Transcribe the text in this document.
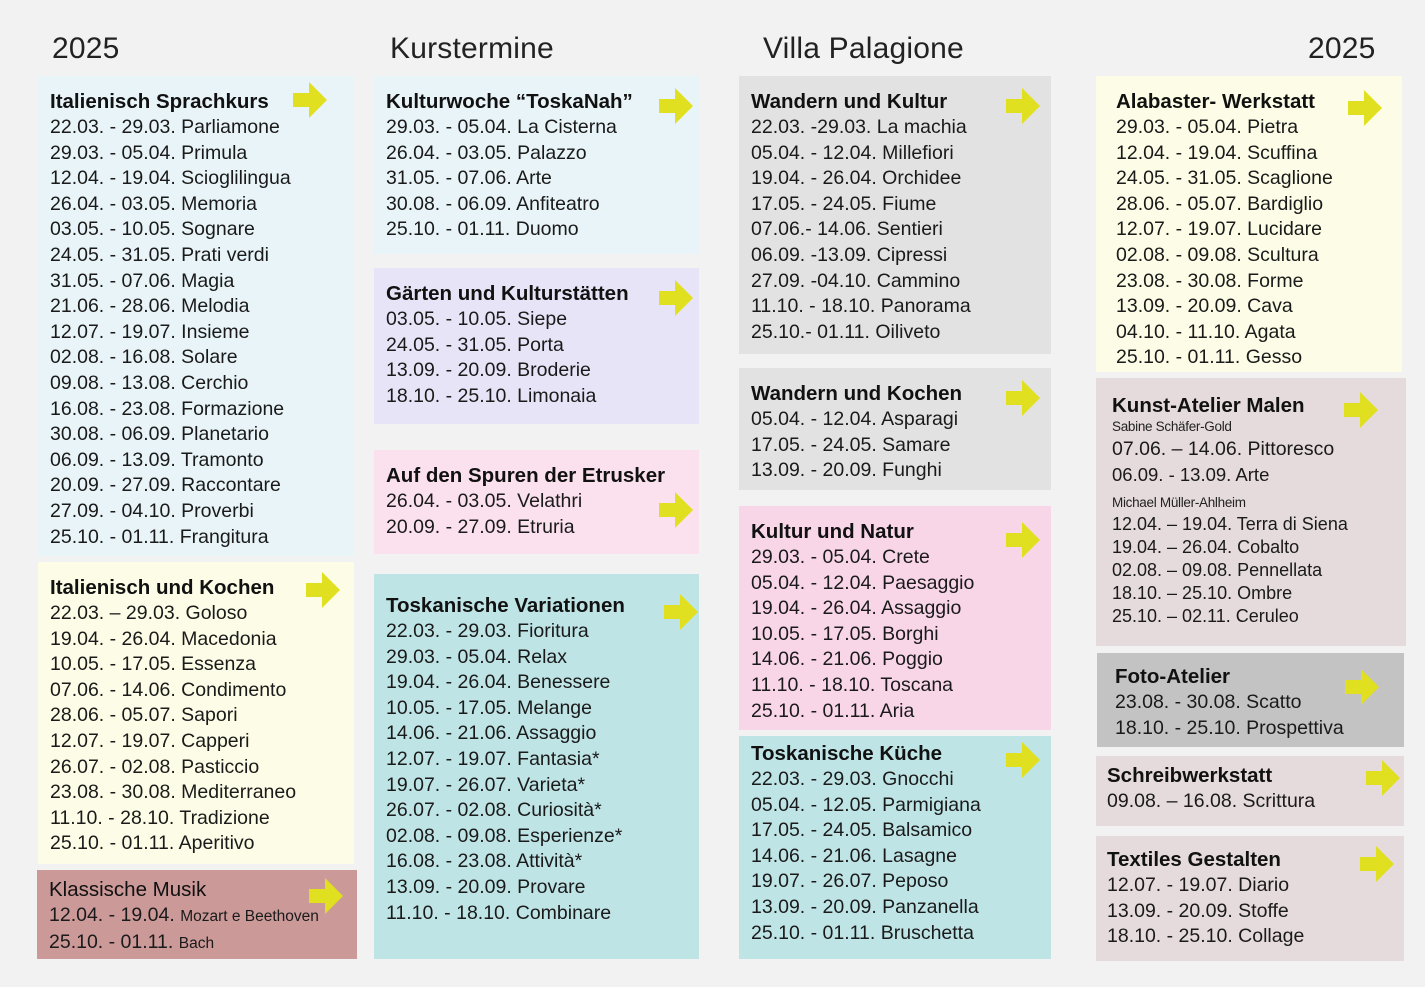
2025	Kurstermine	Villa Palagione	2025
Italienisch Sprachkurs
22.03. - 29.03. Parliamone
29.03. - 05.04. Primula
12.04. - 19.04. Scioglilingua
26.04. - 03.05. Memoria
03.05. - 10.05. Sognare
24.05. - 31.05. Prati verdi
31.05. - 07.06. Magia
21.06. - 28.06. Melodia
12.07. - 19.07. Insieme
02.08. - 16.08. Solare
09.08. - 13.08. Cerchio
16.08. - 23.08. Formazione
30.08. - 06.09. Planetario
06.09. - 13.09. Tramonto
20.09. - 27.09. Raccontare
27.09. - 04.10. Proverbi
25.10. - 01.11. Frangitura
Italienisch und Kochen
22.03. – 29.03. Goloso
19.04. - 26.04. Macedonia
10.05. - 17.05. Essenza
07.06. - 14.06. Condimento
28.06. - 05.07. Sapori
12.07. - 19.07. Capperi
26.07. - 02.08. Pasticcio
23.08. - 30.08. Mediterraneo
11.10. - 28.10. Tradizione
25.10. - 01.11. Aperitivo
Klassische Musik
12.04. - 19.04. Mozart e Beethoven
25.10. - 01.11. Bach
Kulturwoche “ToskaNah”
29.03. - 05.04. La Cisterna
26.04. - 03.05. Palazzo
31.05. - 07.06. Arte
30.08. - 06.09. Anfiteatro
25.10. - 01.11. Duomo
Gärten und Kulturstätten
03.05. - 10.05. Siepe
24.05. - 31.05. Porta
13.09. - 20.09. Broderie
18.10. - 25.10. Limonaia
Auf den Spuren der Etrusker
26.04. - 03.05. Velathri
20.09. - 27.09. Etruria
Toskanische Variationen
22.03. - 29.03. Fioritura
29.03. - 05.04. Relax
19.04. - 26.04. Benessere
10.05. - 17.05. Melange
14.06. - 21.06. Assaggio
12.07. - 19.07. Fantasia*
19.07. - 26.07. Varieta*
26.07. - 02.08. Curiosità*
02.08. - 09.08. Esperienze*
16.08. - 23.08. Attività*
13.09. - 20.09. Provare
11.10. - 18.10. Combinare
Wandern und Kultur
22.03. -29.03. La machia
05.04. - 12.04. Millefiori
19.04. - 26.04. Orchidee
17.05. - 24.05. Fiume
07.06.- 14.06. Sentieri
06.09. -13.09. Cipressi
27.09. -04.10. Cammino
11.10. - 18.10. Panorama
25.10.- 01.11. Oiliveto
Wandern und Kochen
05.04. - 12.04. Asparagi
17.05. - 24.05. Samare
13.09. - 20.09. Funghi
Kultur und Natur
29.03. - 05.04. Crete
05.04. - 12.04. Paesaggio
19.04. - 26.04. Assaggio
10.05. - 17.05. Borghi
14.06. - 21.06. Poggio
11.10. - 18.10. Toscana
25.10. - 01.11. Aria
Toskanische Küche
22.03. - 29.03. Gnocchi
05.04. - 12.05. Parmigiana
17.05. - 24.05. Balsamico
14.06. - 21.06. Lasagne
19.07. - 26.07. Peposo
13.09. - 20.09. Panzanella
25.10. - 01.11. Bruschetta
Alabaster- Werkstatt
29.03. - 05.04. Pietra
12.04. - 19.04. Scuffina
24.05. - 31.05. Scaglione
28.06. - 05.07. Bardiglio
12.07. - 19.07. Lucidare
02.08. - 09.08. Scultura
23.08. - 30.08. Forme
13.09. - 20.09. Cava
04.10. - 11.10. Agata
25.10. - 01.11. Gesso
Kunst-Atelier Malen
Sabine Schäfer-Gold
07.06. – 14.06. Pittoresco
06.09. - 13.09. Arte
Michael Müller-Ahlheim
12.04. – 19.04. Terra di Siena
19.04. – 26.04. Cobalto
02.08. – 09.08. Pennellata
18.10. – 25.10. Ombre
25.10. – 02.11. Ceruleo
Foto-Atelier
23.08. - 30.08. Scatto
18.10. - 25.10. Prospettiva
Schreibwerkstatt
09.08. – 16.08. Scrittura
Textiles Gestalten
12.07. - 19.07. Diario
13.09. - 20.09. Stoffe
18.10. - 25.10. Collage
